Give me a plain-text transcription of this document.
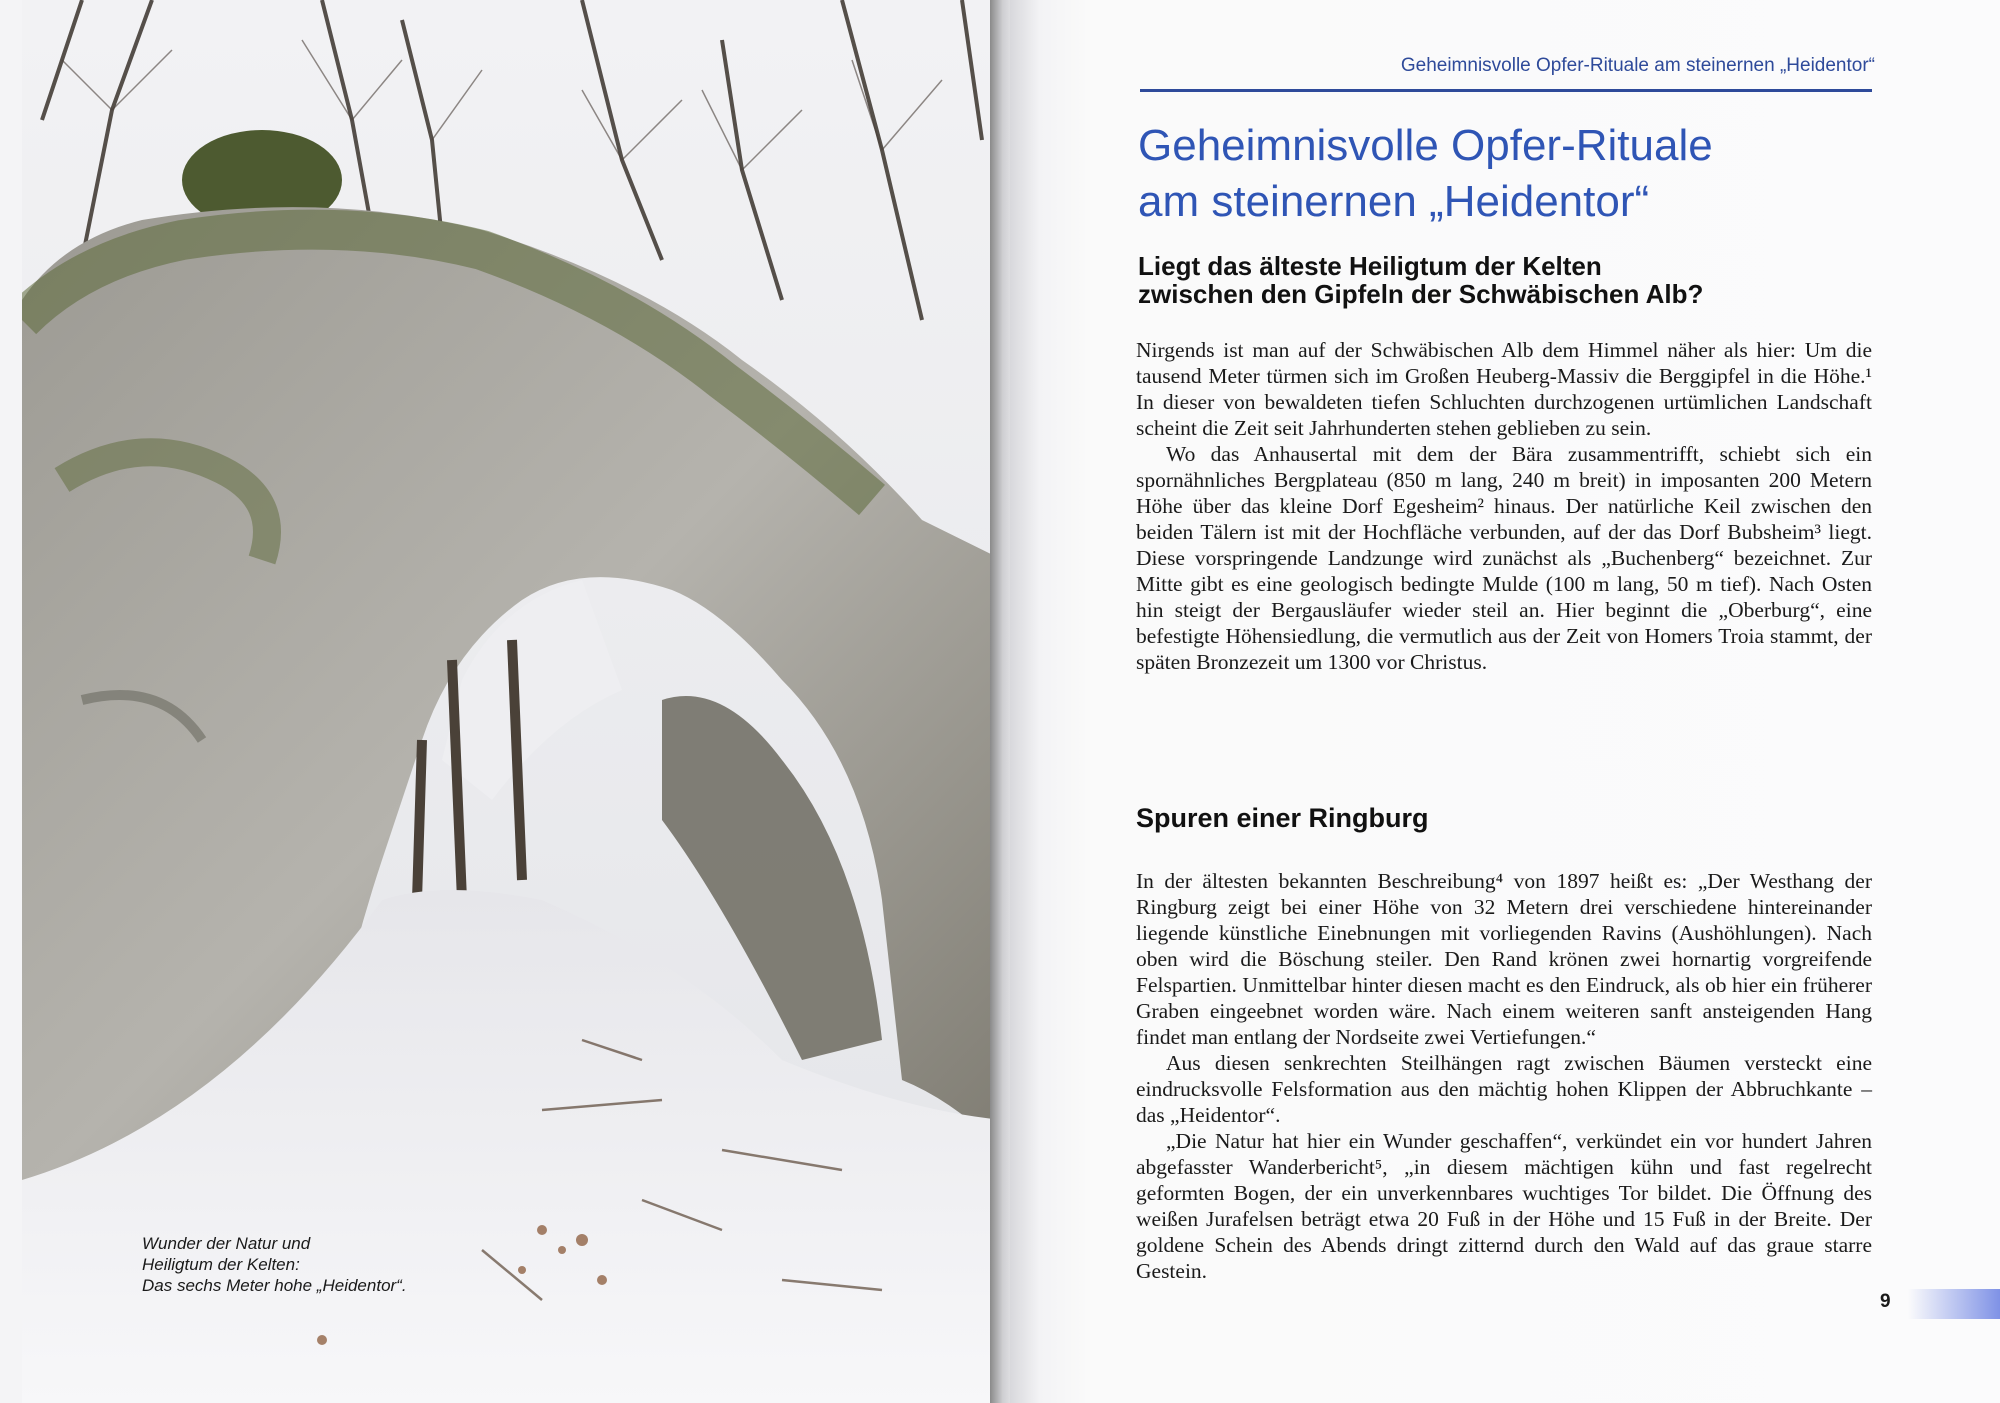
Wunder der Natur und
Heiligtum der Kelten:
Das sechs Meter hohe „Heidentor“.
Geheimnisvolle Opfer-Rituale am steinernen „Heidentor“
Geheimnisvolle Opfer-Rituale
am steinernen „Heidentor“
Liegt das älteste Heiligtum der Kelten
zwischen den Gipfeln der Schwäbischen Alb?

Nirgends ist man auf der Schwäbischen Alb dem Himmel näher als hier: Um die tausend Meter türmen sich im Großen Heuberg-Massiv die Berggipfel in die Höhe.¹ In dieser von bewaldeten tiefen Schluchten durchzogenen urtümlichen Landschaft scheint die Zeit seit Jahrhunderten stehen geblieben zu sein.

Wo das Anhausertal mit dem der Bära zusammentrifft, schiebt sich ein spornähnliches Bergplateau (850 m lang, 240 m breit) in imposanten 200 Metern Höhe über das kleine Dorf Egesheim² hinaus. Der natürliche Keil zwischen den beiden Tälern ist mit der Hochfläche verbunden, auf der das Dorf Bubsheim³ liegt. Diese vorspringende Landzunge wird zunächst als „Buchenberg“ bezeichnet. Zur Mitte gibt es eine geologisch bedingte Mulde (100 m lang, 50 m tief). Nach Osten hin steigt der Bergausläufer wieder steil an. Hier beginnt die „Oberburg“, eine befestigte Höhensiedlung, die vermutlich aus der Zeit von Homers Troia stammt, der späten Bronzezeit um 1300 vor Christus.

Spuren einer Ringburg

In der ältesten bekannten Beschreibung⁴ von 1897 heißt es: „Der Westhang der Ringburg zeigt bei einer Höhe von 32 Metern drei verschiedene hintereinander liegende künstliche Einebnungen mit vorliegenden Ravins (Aushöhlungen). Nach oben wird die Böschung steiler. Den Rand krönen zwei hornartig vorgreifende Felspartien. Unmittelbar hinter diesen macht es den Eindruck, als ob hier ein früherer Graben eingeebnet worden wäre. Nach einem weiteren sanft ansteigenden Hang findet man entlang der Nordseite zwei Vertiefungen.“

Aus diesen senkrechten Steilhängen ragt zwischen Bäumen versteckt eine eindrucksvolle Felsformation aus den mächtig hohen Klippen der Abbruchkante – das „Heidentor“.

„Die Natur hat hier ein Wunder geschaffen“, verkündet ein vor hundert Jahren abgefasster Wanderbericht⁵, „in diesem mächtigen kühn und fast regelrecht geformten Bogen, der ein unverkennbares wuchtiges Tor bildet. Die Öffnung des weißen Jurafelsen beträgt etwa 20 Fuß in der Höhe und 15 Fuß in der Breite. Der goldene Schein des Abends dringt zitternd durch den Wald auf das graue starre Gestein.

9
